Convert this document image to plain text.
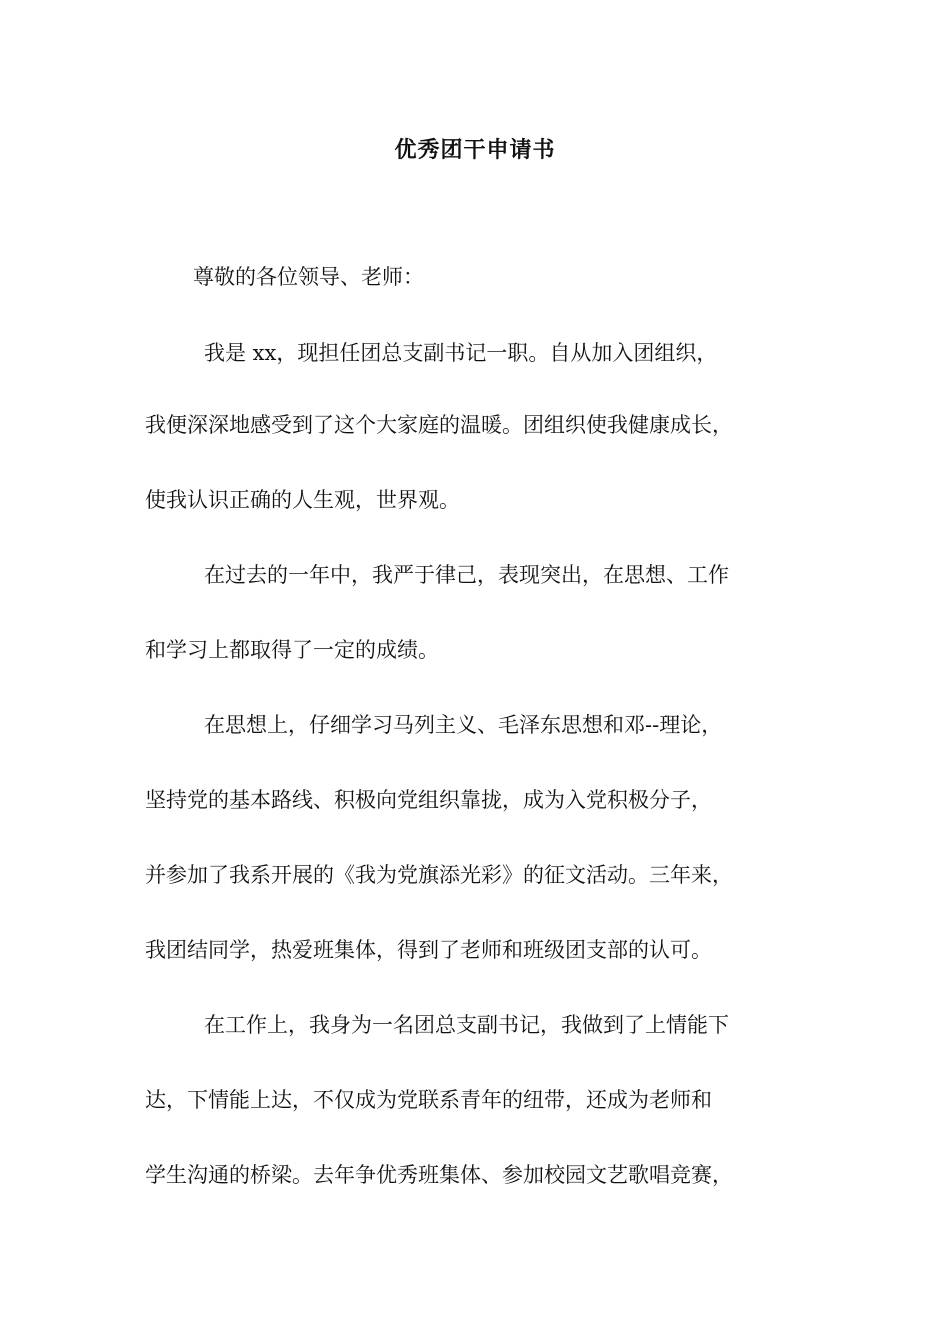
优秀团干申请书
尊敬的各位领导、老师：
我是 xx，现担任团总支副书记一职。自从加入团组织，
我便深深地感受到了这个大家庭的温暖。团组织使我健康成长，
使我认识正确的人生观，世界观。
在过去的一年中，我严于律己，表现突出，在思想、工作
和学习上都取得了一定的成绩。
在思想上，仔细学习马列主义、毛泽东思想和邓--理论，
坚持党的基本路线、积极向党组织靠拢，成为入党积极分子，
并参加了我系开展的《我为党旗添光彩》的征文活动。三年来，
我团结同学，热爱班集体，得到了老师和班级团支部的认可。
在工作上，我身为一名团总支副书记，我做到了上情能下
达，下情能上达，不仅成为党联系青年的纽带，还成为老师和
学生沟通的桥梁。去年争优秀班集体、参加校园文艺歌唱竞赛，
